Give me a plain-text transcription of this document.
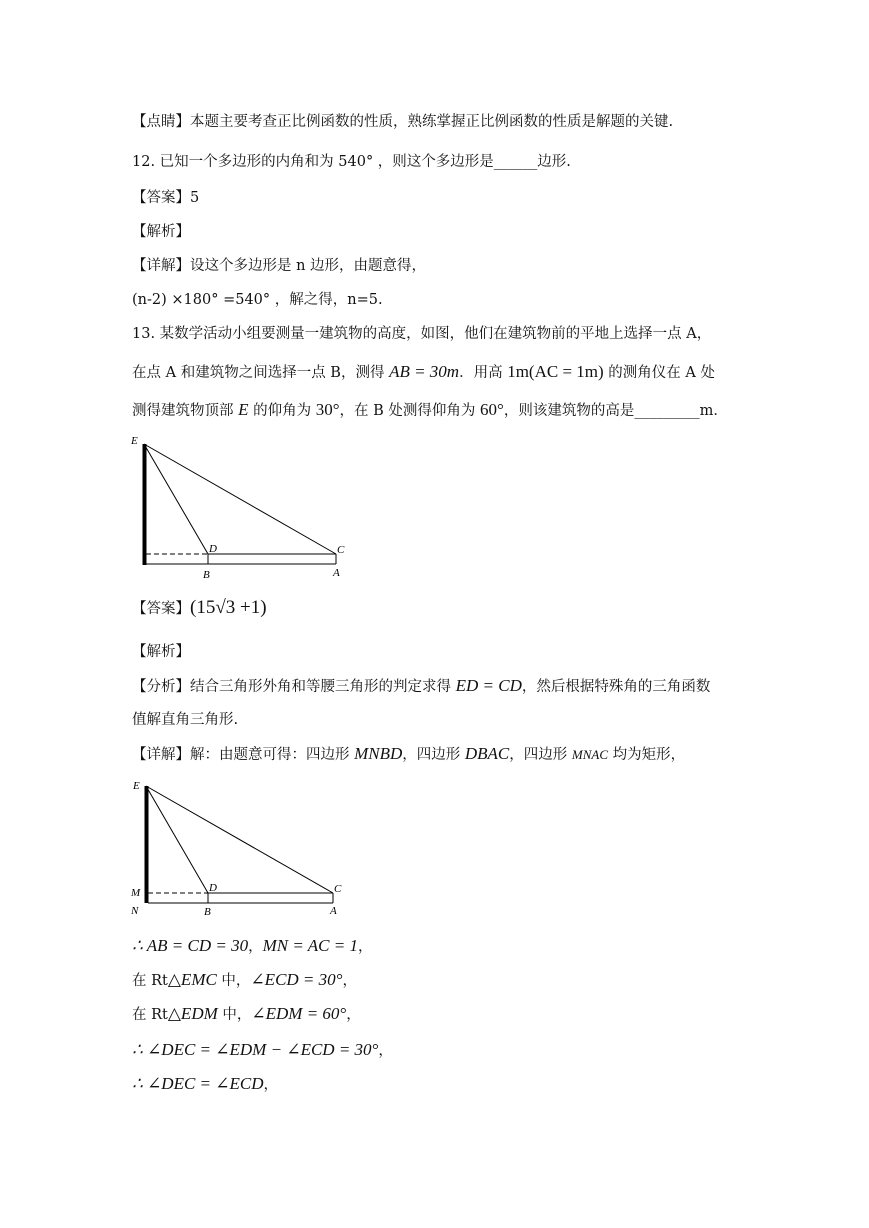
【点睛】本题主要考查正比例函数的性质，熟练掌握正比例函数的性质是解题的关键.
12. 已知一个多边形的内角和为 540° ，则这个多边形是______边形.
【答案】5
【解析】
【详解】设这个多边形是 n 边形，由题意得，
(n-2) ×180° =540° ，解之得，n=5.
13. 某数学活动小组要测量一建筑物的高度，如图，他们在建筑物前的平地上选择一点 A，
在点 A 和建筑物之间选择一点 B，测得 AB = 30m．用高 1m(AC = 1m) 的测角仪在 A 处
测得建筑物顶部 E 的仰角为 30°，在 B 处测得仰角为 60°，则该建筑物的高是_________m．
E
D	C
B	A
【答案】(15√3 +1)
【解析】
【分析】结合三角形外角和等腰三角形的判定求得 ED = CD，然后根据特殊角的三角函数
值解直角三角形.
【详解】解：由题意可得：四边形 MNBD，四边形 DBAC，四边形 MNAC 均为矩形，
E
D	C
M
N	B	A
∴ AB = CD = 30，MN = AC = 1，
在 Rt△EMC 中，∠ECD = 30°，
在 Rt△EDM 中，∠EDM = 60°，
∴ ∠DEC = ∠EDM − ∠ECD = 30°，
∴ ∠DEC = ∠ECD，
